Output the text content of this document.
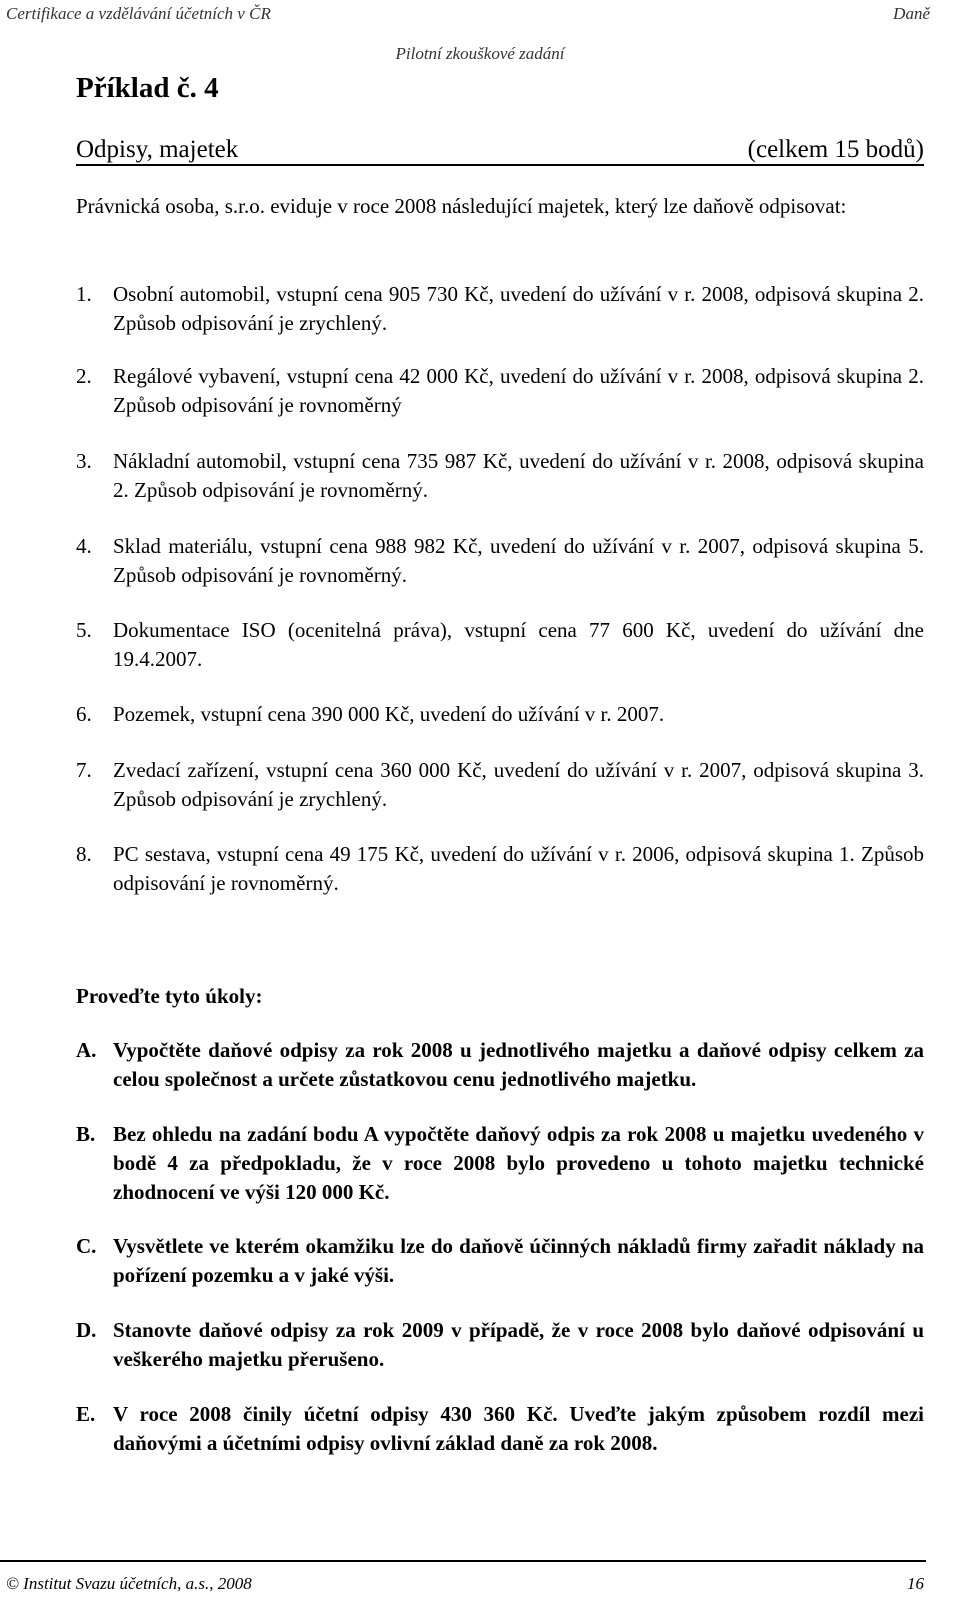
Certifikace a vzdělávání účetních v ČR	Daně
Pilotní zkouškové zadání
Příklad č. 4
Odpisy, majetek	(celkem 15 bodů)
Právnická osoba, s.r.o. eviduje v roce 2008 následující majetek, který lze daňově odpisovat:
1.	Osobní automobil, vstupní cena 905 730 Kč, uvedení do užívání v r. 2008, odpisová skupina 2. Způsob odpisování je zrychlený.
2.	Regálové vybavení, vstupní cena 42 000 Kč, uvedení do užívání v r. 2008, odpisová skupina 2. Způsob odpisování je rovnoměrný
3.	Nákladní automobil, vstupní cena 735 987 Kč, uvedení do užívání v r. 2008, odpisová skupina 2. Způsob odpisování je rovnoměrný.
4.	Sklad materiálu, vstupní cena 988 982 Kč, uvedení do užívání v r. 2007, odpisová skupina 5. Způsob odpisování je rovnoměrný.
5.	Dokumentace ISO (ocenitelná práva), vstupní cena 77 600 Kč, uvedení do užívání dne 19.4.2007.
6.	Pozemek, vstupní cena 390 000 Kč, uvedení do užívání v r. 2007.
7.	Zvedací zařízení, vstupní cena 360 000 Kč, uvedení do užívání v r. 2007, odpisová skupina 3. Způsob odpisování je zrychlený.
8.	PC sestava, vstupní cena 49 175 Kč, uvedení do užívání v r. 2006, odpisová skupina 1. Způsob odpisování je rovnoměrný.
Proveďte tyto úkoly:
A. Vypočtěte daňové odpisy za rok 2008 u jednotlivého majetku a daňové odpisy celkem za celou společnost a určete zůstatkovou cenu jednotlivého majetku.
B. Bez ohledu na zadání bodu A vypočtěte daňový odpis za rok 2008 u majetku uvedeného v bodě 4 za předpokladu, že v roce 2008 bylo provedeno u tohoto majetku technické zhodnocení ve výši 120 000 Kč.
C. Vysvětlete ve kterém okamžiku lze do daňově účinných nákladů firmy zařadit náklady na pořízení pozemku a v jaké výši.
D. Stanovte daňové odpisy za rok 2009 v případě, že v roce 2008 bylo daňové odpisování u veškerého majetku přerušeno.
E. V roce 2008 činily účetní odpisy 430 360 Kč. Uveďte jakým způsobem rozdíl mezi daňovými a účetními odpisy ovlivní základ daně za rok 2008.
© Institut Svazu účetních, a.s., 2008	16
